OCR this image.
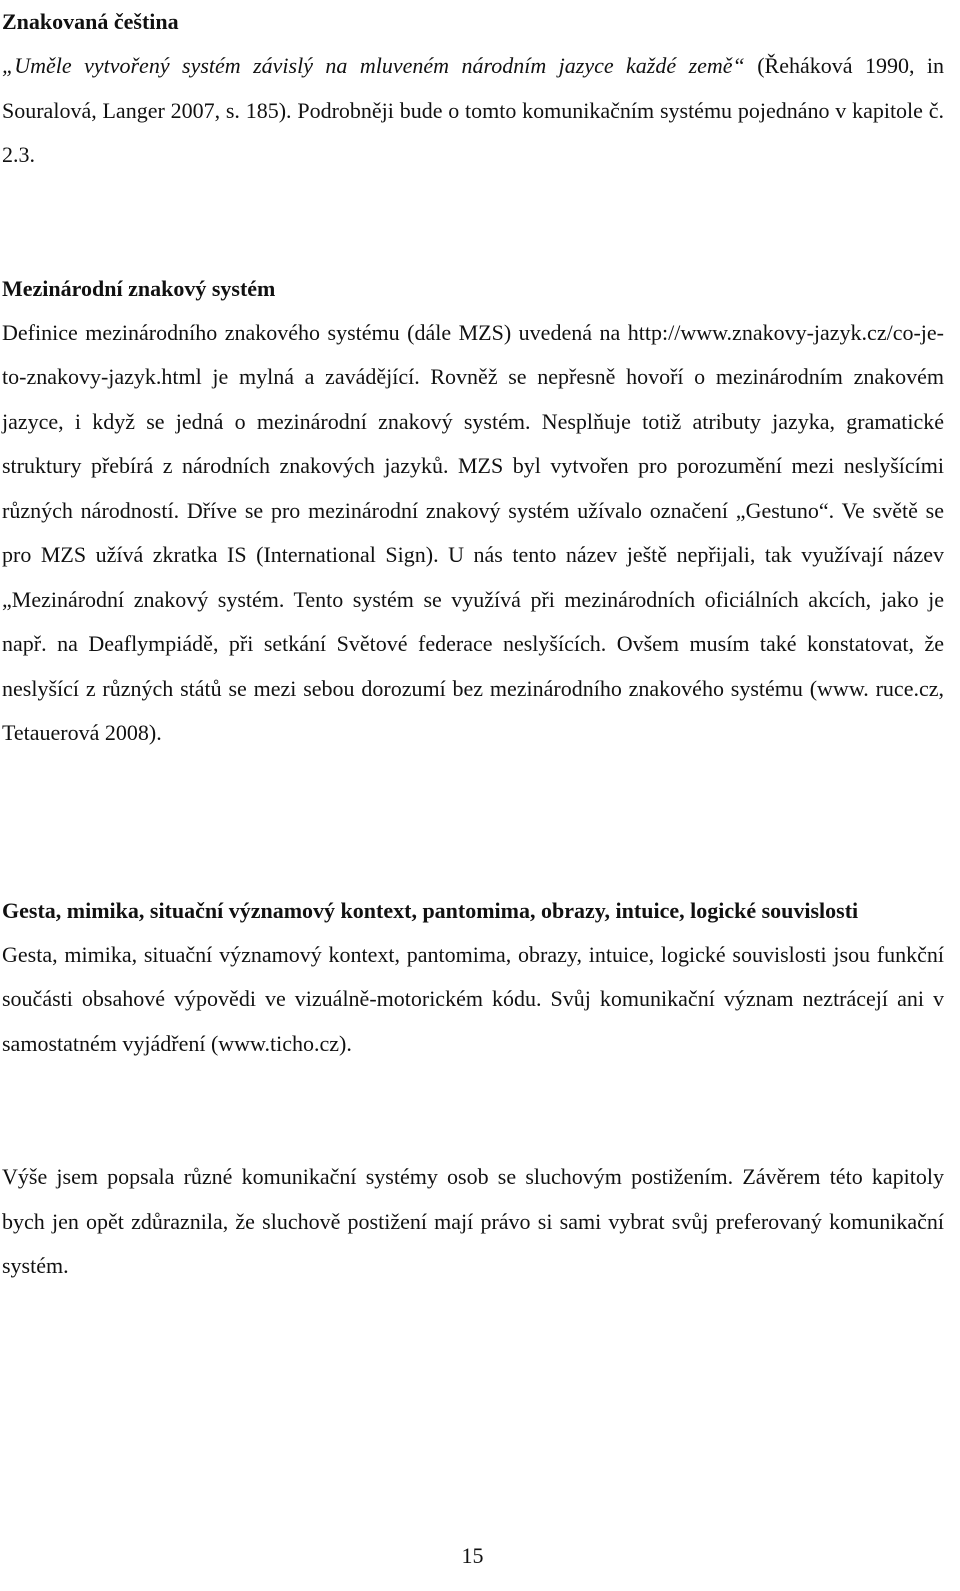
Znakovaná čeština

„Uměle vytvořený systém závislý na mluveném národním jazyce každé země“ (Řeháková 1990, in Souralová, Langer 2007, s. 185). Podrobněji bude o tomto komunikačním systému pojednáno v kapitole č. 2.3.

Mezinárodní znakový systém

Definice mezinárodního znakového systému (dále MZS) uvedená na http://www.znakovy-jazyk.cz/co-je-to-znakovy-jazyk.html je mylná a zavádějící. Rovněž se nepřesně hovoří o mezinárodním znakovém jazyce, i když se jedná o mezinárodní znakový systém. Nesplňuje totiž atributy jazyka, gramatické struktury přebírá z národních znakových jazyků. MZS byl vytvořen pro porozumění mezi neslyšícími různých národností. Dříve se pro mezinárodní znakový systém užívalo označení „Gestuno“. Ve světě se pro MZS užívá zkratka IS (International Sign). U nás tento název ještě nepřijali, tak využívají název „Mezinárodní znakový systém. Tento systém se využívá při mezinárodních oficiálních akcích, jako je např. na Deaflympiádě, při setkání Světové federace neslyšících. Ovšem musím také konstatovat, že neslyšící z různých států se mezi sebou dorozumí bez mezinárodního znakového systému (www. ruce.cz, Tetauerová 2008).

Gesta, mimika, situační významový kontext, pantomima, obrazy, intuice, logické souvislosti

Gesta, mimika, situační významový kontext, pantomima, obrazy, intuice, logické souvislosti jsou funkční součásti obsahové výpovědi ve vizuálně-motorickém kódu. Svůj komunikační význam neztrácejí ani v samostatném vyjádření (www.ticho.cz).

Výše jsem popsala různé komunikační systémy osob se sluchovým postižením. Závěrem této kapitoly bych jen opět zdůraznila, že sluchově postižení mají právo si sami vybrat svůj preferovaný komunikační systém.

15
